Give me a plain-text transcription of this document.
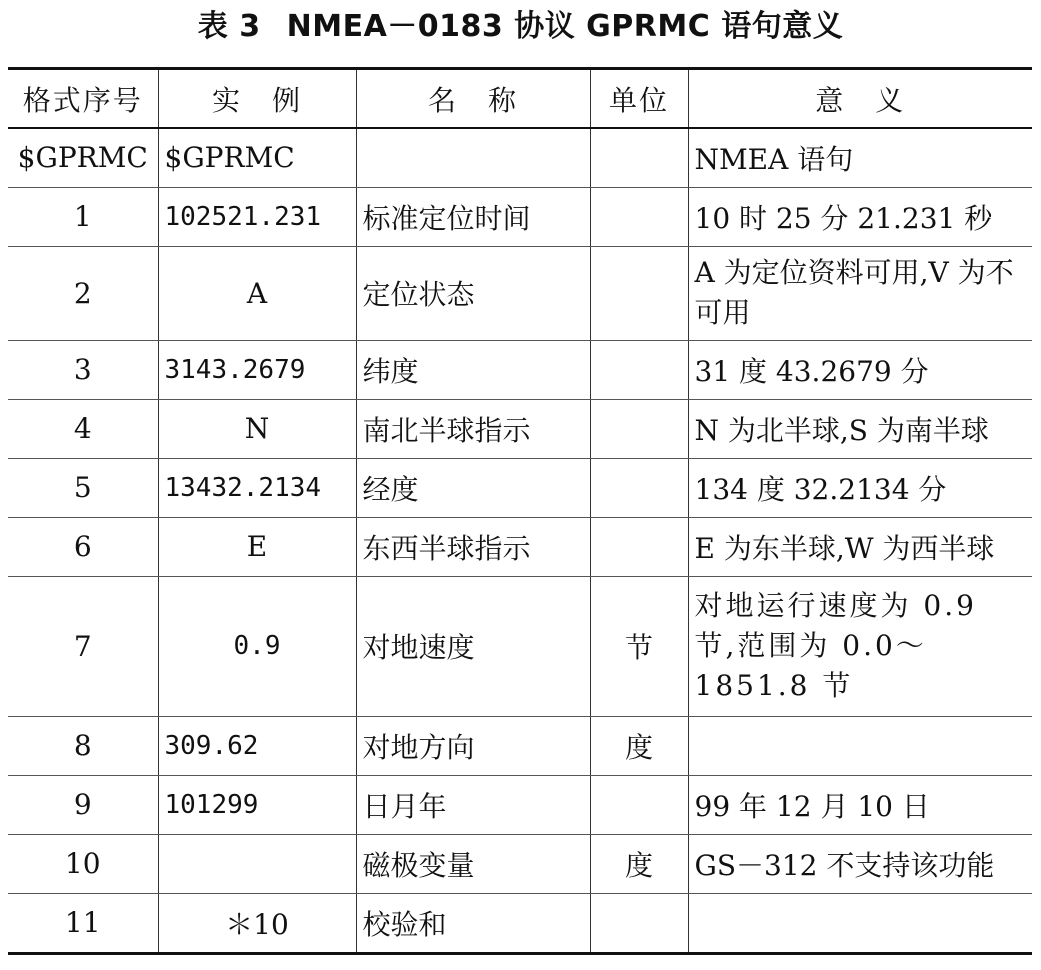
表 3 NMEA－0183 协议 GPRMC 语句意义
格式序号	实　例	名　称	单位	意　义
$GPRMC	$GPRMC			NMEA 语句
1	102521.231	标准定位时间		10 时 25 分 21.231 秒
2	A	定位状态		A 为定位资料可用,V 为不可用
3	3143.2679	纬度		31 度 43.2679 分
4	N	南北半球指示		N 为北半球,S 为南半球
5	13432.2134	经度		134 度 32.2134 分
6	E	东西半球指示		E 为东半球,W 为西半球
7	0.9	对地速度	节	对地运行速度为 0.9 节,范围为 0.0～1851.8 节
8	309.62	对地方向	度	
9	101299	日月年		99 年 12 月 10 日
10		磁极变量	度	GS－312 不支持该功能
11	＊10	校验和		
